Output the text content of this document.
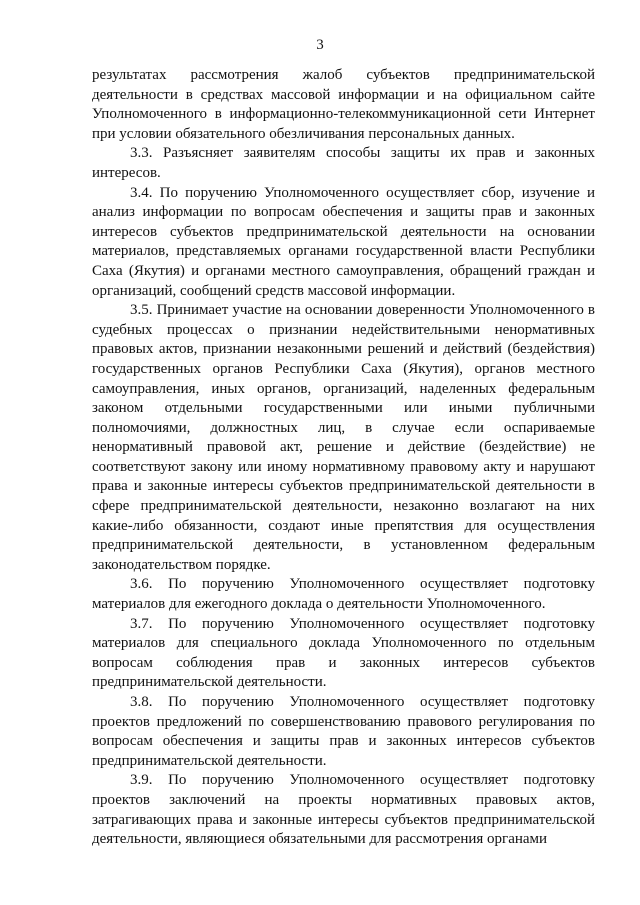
3

результатах рассмотрения жалоб субъектов предпринимательской деятельности в средствах массовой информации и на официальном сайте Уполномоченного в информационно-телекоммуникационной сети Интернет при условии обязательного обезличивания персональных данных.

3.3. Разъясняет заявителям способы защиты их прав и законных интересов.

3.4. По поручению Уполномоченного осуществляет сбор, изучение и анализ информации по вопросам обеспечения и защиты прав и законных интересов субъектов предпринимательской деятельности на основании материалов, представляемых органами государственной власти Республики Саха (Якутия) и органами местного самоуправления, обращений граждан и организаций, сообщений средств массовой информации.

3.5. Принимает участие на основании доверенности Уполномоченного в судебных процессах о признании недействительными ненормативных правовых актов, признании незаконными решений и действий (бездействия) государственных органов Республики Саха (Якутия), органов местного самоуправления, иных органов, организаций, наделенных федеральным законом отдельными государственными или иными публичными полномочиями, должностных лиц, в случае если оспариваемые ненормативный правовой акт, решение и действие (бездействие) не соответствуют закону или иному нормативному правовому акту и нарушают права и законные интересы субъектов предпринимательской деятельности в сфере предпринимательской деятельности, незаконно возлагают на них какие-либо обязанности, создают иные препятствия для осуществления предпринимательской деятельности, в установленном федеральным законодательством порядке.

3.6. По поручению Уполномоченного осуществляет подготовку материалов для ежегодного доклада о деятельности Уполномоченного.

3.7. По поручению Уполномоченного осуществляет подготовку материалов для специального доклада Уполномоченного по отдельным вопросам соблюдения прав и законных интересов субъектов предпринимательской деятельности.

3.8. По поручению Уполномоченного осуществляет подготовку проектов предложений по совершенствованию правового регулирования по вопросам обеспечения и защиты прав и законных интересов субъектов предпринимательской деятельности.

3.9. По поручению Уполномоченного осуществляет подготовку проектов заключений на проекты нормативных правовых актов, затрагивающих права и законные интересы субъектов предпринимательской деятельности, являющиеся обязательными для рассмотрения органами
